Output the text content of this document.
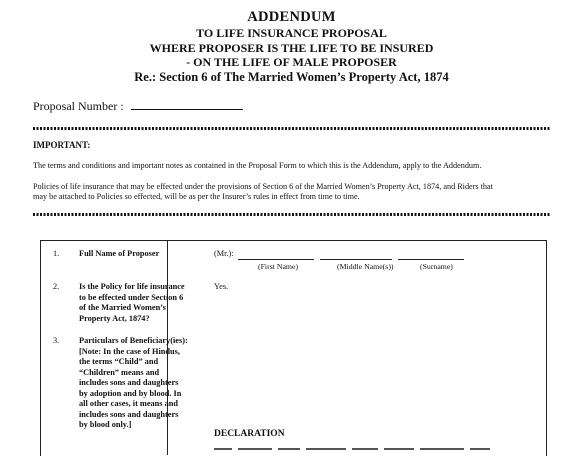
ADDENDUM
TO LIFE INSURANCE PROPOSAL
WHERE PROPOSER IS THE LIFE TO BE INSURED
- ON THE LIFE OF MALE PROPOSER
Re.: Section 6 of The Married Women’s Property Act, 1874
Proposal Number :
IMPORTANT:
The terms and conditions and important notes as contained in the Proposal Form to which this is the Addendum, apply to the Addendum.
Policies of life insurance that may be effected under the provisions of Section 6 of the Married Women’s Property Act, 1874, and Riders that
may be attached to Policies so effected, will be as per the Insurer’s rules in effect from time to time.
1. Full Name of Proposer	(Mr.):
(First Name)	(Middle Name(s))	(Surname)
2. Is the Policy for life insurance
to be effected under Section 6
of the Married Women’s
Property Act, 1874?
Yes.
3. Particulars of Beneficiary(ies):
[Note: In the case of Hindus,
the terms “Child” and
“Children” means and
includes sons and daughters
by adoption and by blood. In
all other cases, it means and
includes sons and daughters
by blood only.]
DECLARATION
